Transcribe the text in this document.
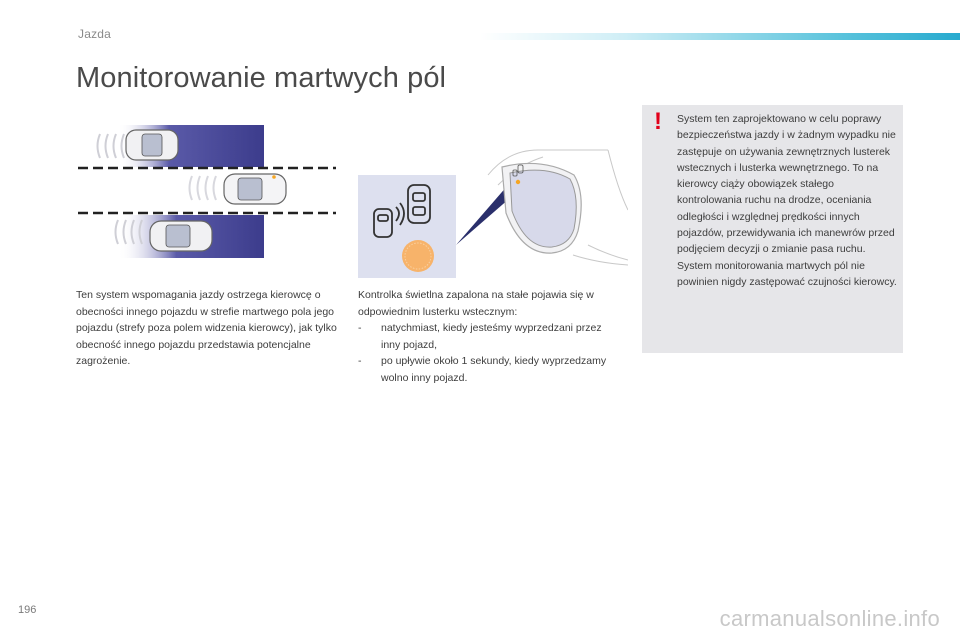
Jazda
Monitorowanie martwych pól
Ten system wspomagania jazdy ostrzega kierowcę o obecności innego pojazdu w strefie martwego pola jego pojazdu (strefy poza polem widzenia kierowcy), jak tylko obecność innego pojazdu przedstawia potencjalne zagrożenie.
Kontrolka świetlna zapalona na stałe pojawia się w odpowiednim lusterku wstecznym:
- natychmiast, kiedy jesteśmy wyprzedzani przez inny pojazd,
- po upływie około 1 sekundy, kiedy wyprzedzamy wolno inny pojazd.
!	System ten zaprojektowano w celu poprawy bezpieczeństwa jazdy i w żadnym wypadku nie zastępuje on używania zewnętrznych lusterek wstecznych i lusterka wewnętrznego. To na kierowcy ciąży obowiązek stałego kontrolowania ruchu na drodze, oceniania odległości i względnej prędkości innych pojazdów, przewidywania ich manewrów przed podjęciem decyzji o zmianie pasa ruchu. System monitorowania martwych pól nie powinien nigdy zastępować czujności kierowcy.
196	carmanualsonline.info
